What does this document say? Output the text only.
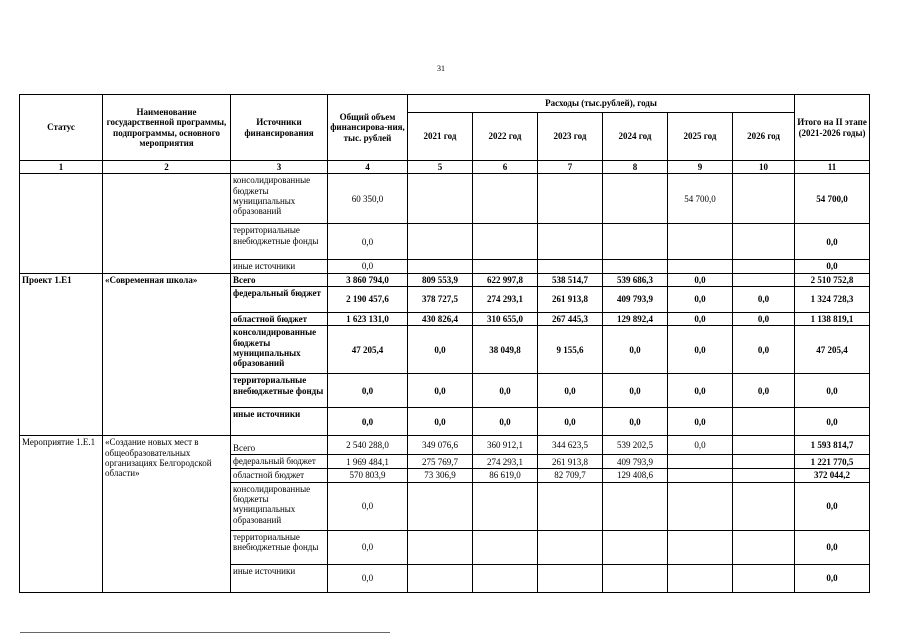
31
Статус	Наименование государственной программы, подпрограммы, основного мероприятия	Источники финансирования	Общий объем финансирова-ния, тыс. рублей	Расходы (тыс.рублей), годы						Итого на II этапе (2021-2026 годы)
				2021 год	2022 год	2023 год	2024 год	2025 год	2026 год	
1	2	3	4	5	6	7	8	9	10	11
		консолидированные бюджеты муниципальных образований	60 350,0					54 700,0		54 700,0
		территориальные внебюджетные фонды	0,0							0,0
		иные источники	0,0							0,0
Проект 1.Е1	«Современная школа»	Всего	3 860 794,0	809 553,9	622 997,8	538 514,7	539 686,3	0,0		2 510 752,8
		федеральный бюджет	2 190 457,6	378 727,5	274 293,1	261 913,8	409 793,9	0,0	0,0	1 324 728,3
		областной бюджет	1 623 131,0	430 826,4	310 655,0	267 445,3	129 892,4	0,0	0,0	1 138 819,1
		консолидированные бюджеты муниципальных образований	47 205,4	0,0	38 049,8	9 155,6	0,0	0,0	0,0	47 205,4
		территориальные внебюджетные фонды	0,0	0,0	0,0	0,0	0,0	0,0	0,0	0,0
		иные источники	0,0	0,0	0,0	0,0	0,0	0,0		0,0
Мероприятие 1.Е.1	«Создание новых мест в общеобразовательных организациях Белгородской области»	Всего	2 540 288,0	349 076,6	360 912,1	344 623,5	539 202,5	0,0		1 593 814,7
		федеральный бюджет	1 969 484,1	275 769,7	274 293,1	261 913,8	409 793,9			1 221 770,5
		областной бюджет	570 803,9	73 306,9	86 619,0	82 709,7	129 408,6			372 044,2
		консолидированные бюджеты муниципальных образований	0,0							0,0
		территориальные внебюджетные фонды	0,0							0,0
		иные источники	0,0							0,0
